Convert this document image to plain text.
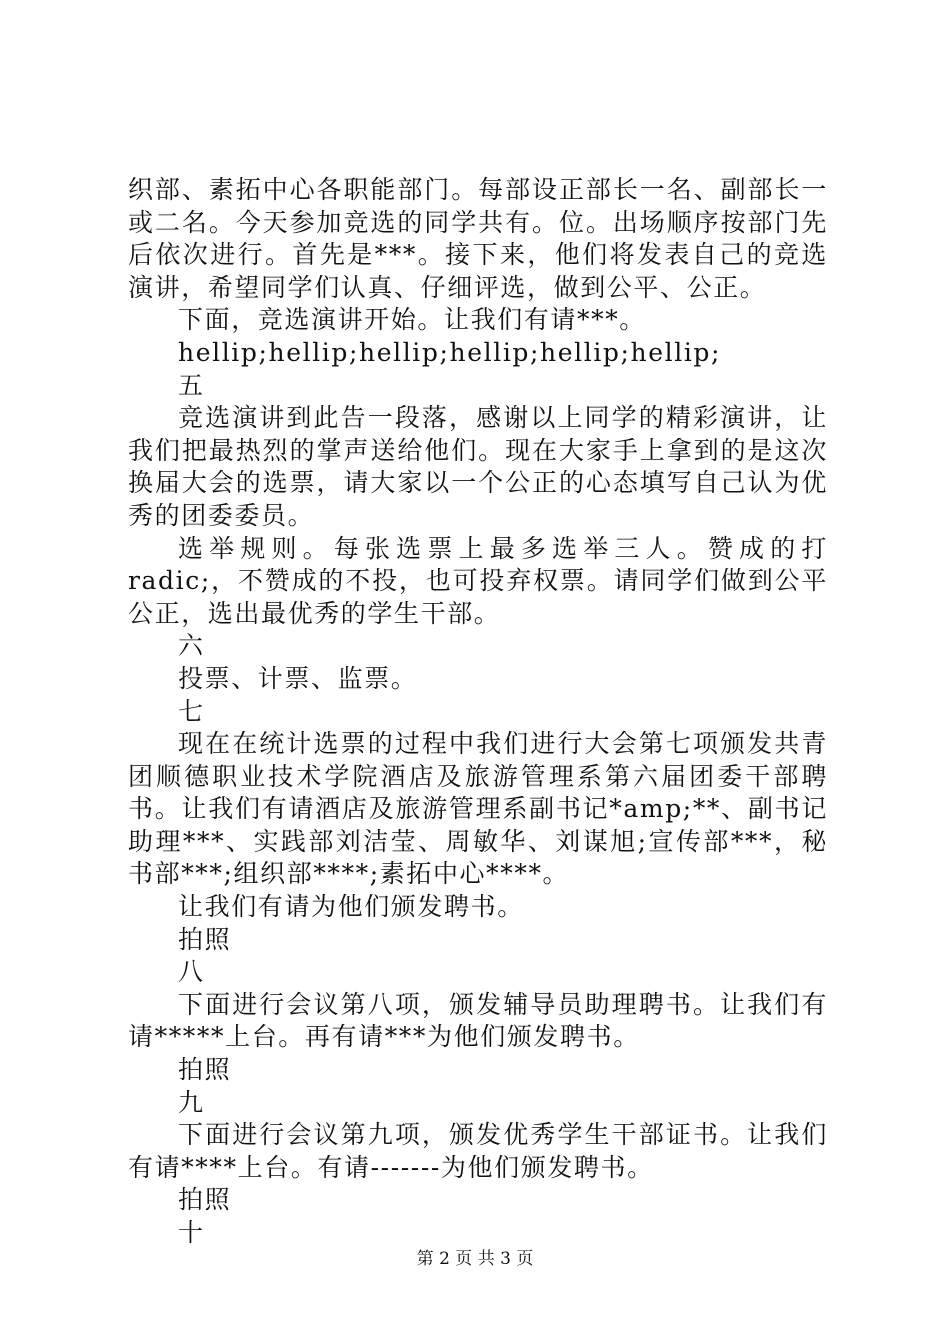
织部、素拓中心各职能部门。每部设正部长一名、副部长一或二名。今天参加竞选的同学共有。位。出场顺序按部门先后依次进行。首先是***。接下来，他们将发表自己的竞选演讲，希望同学们认真、仔细评选，做到公平、公正。

下面，竞选演讲开始。让我们有请***。

hellip;hellip;hellip;hellip;hellip;hellip;

五

竞选演讲到此告一段落，感谢以上同学的精彩演讲，让我们把最热烈的掌声送给他们。现在大家手上拿到的是这次换届大会的选票，请大家以一个公正的心态填写自己认为优秀的团委委员。

选举规则。每张选票上最多选举三人。赞成的打 radic;，不赞成的不投，也可投弃权票。请同学们做到公平公正，选出最优秀的学生干部。

六

投票、计票、监票。

七

现在在统计选票的过程中我们进行大会第七项颁发共青团顺德职业技术学院酒店及旅游管理系第六届团委干部聘书。让我们有请酒店及旅游管理系副书记*amp;**、副书记助理***、实践部刘洁莹、周敏华、刘谋旭;宣传部***，秘书部***;组织部****;素拓中心****。

让我们有请为他们颁发聘书。

拍照

八

下面进行会议第八项，颁发辅导员助理聘书。让我们有请*****上台。再有请***为他们颁发聘书。

拍照

九

下面进行会议第九项，颁发优秀学生干部证书。让我们有请****上台。有请-------为他们颁发聘书。

拍照

十

第 2 页 共 3 页
